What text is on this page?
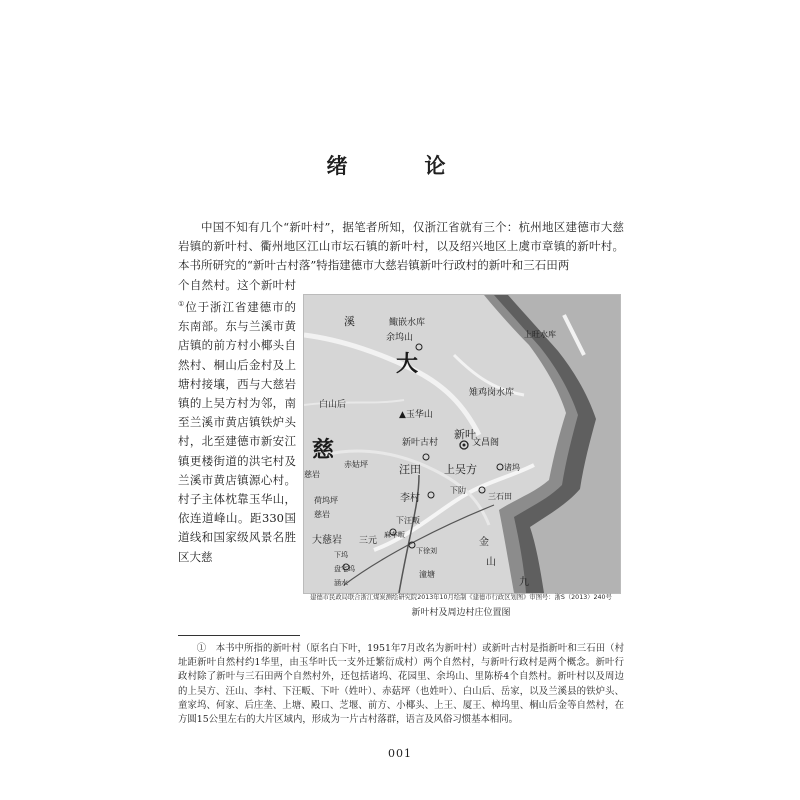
绪　论
中国不知有几个“新叶村”，据笔者所知，仅浙江省就有三个：杭州地区建德市大慈岩镇的新叶村、衢州地区江山市坛石镇的新叶村，以及绍兴地区上虞市章镇的新叶村。本书所研究的“新叶古村落”特指建德市大慈岩镇新叶行政村的新叶和三石田两
个自然村。这个新叶村①位于浙江省建德市的东南部。东与兰溪市黄店镇的前方村小椰头自然村、桐山后金村及上塘村接壤，西与大慈岩镇的上吴方村为邻，南至兰溪市黄店镇铁炉头村，北至建德市新安江镇更楼街道的洪宅村及兰溪市黄店镇源心村。村子主体枕靠玉华山，依连道峰山。距330国道线和国家级风景名胜区大慈
溪	鲰嵌水库
余坞山	上旺水库
大
雉鸡岗水库
白山后
▲玉华山
新叶
文昌阁
新叶古村
慈
赤姑坪	汪田 上吴方	诸坞
慈岩
下阞
三石田
李村
荷坞坪
慈岩
下汪畈
大慈岩 三元
麻车畈
下徐刘
下坞
盘宅坞
涵水
潼塘
金
山
九
建德市民政局联合浙江煤炭测绘研究院2013年10月绘制《建德市行政区划图》审图号：浙S（2013）240号
新叶村及周边村庄位置图
①　本书中所指的新叶村（原名白下叶，1951年7月改名为新叶村）或新叶古村是指新叶和三石田（村址距新叶自然村约1华里，由玉华叶氏一支外迁繁衍成村）两个自然村，与新叶行政村是两个概念。新叶行政村除了新叶与三石田两个自然村外，还包括诸坞、花园里、余坞山、里陈桥4个自然村。新叶村以及周边的上吴方、汪山、李村、下汪畈、下叶（姓叶）、赤菇坪（也姓叶）、白山后、岳家，以及兰溪县的铁炉头、童家坞、何家、后庄垄、上塘、殿口、芝堰、前方、小椰头、上王、厦王、樟坞里、桐山后金等自然村，在方圆15公里左右的大片区域内，形成为一片古村落群，语言及风俗习惯基本相同。
001
